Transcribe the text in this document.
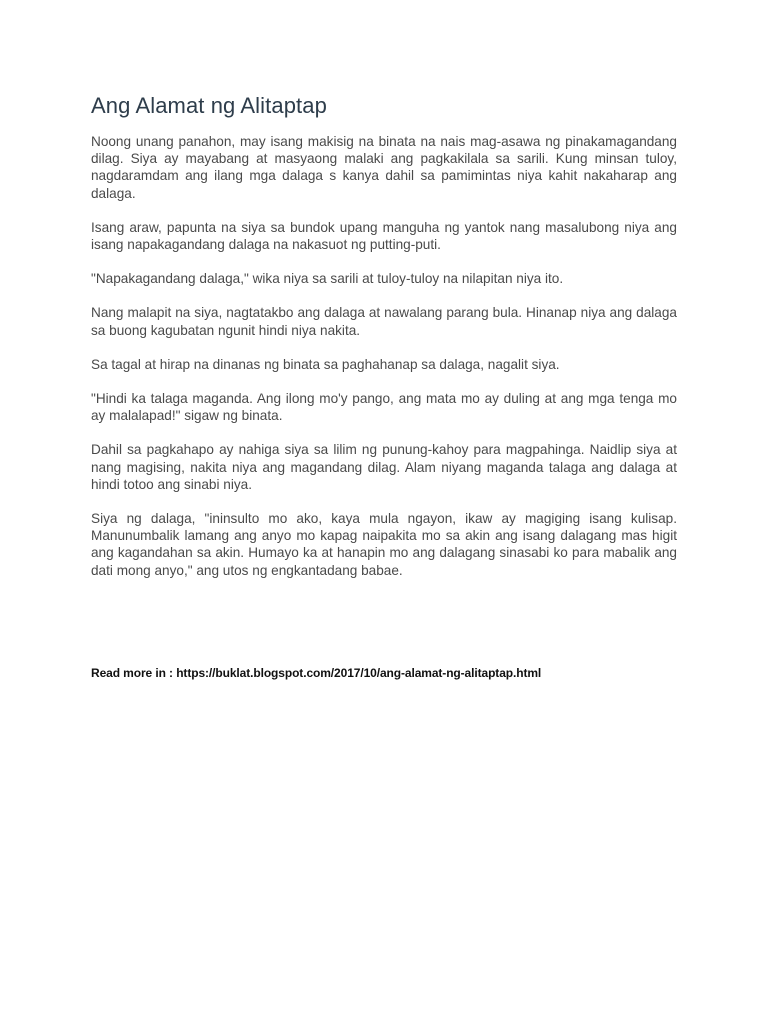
Ang Alamat ng Alitaptap

Noong unang panahon, may isang makisig na binata na nais mag-asawa ng pinakamagandang dilag. Siya ay mayabang at masyaong malaki ang pagkakilala sa sarili. Kung minsan tuloy, nagdaramdam ang ilang mga dalaga s kanya dahil sa pamimintas niya kahit nakaharap ang dalaga.

Isang araw, papunta na siya sa bundok upang manguha ng yantok nang masalubong niya ang isang napakagandang dalaga na nakasuot ng putting-puti.

"Napakagandang dalaga," wika niya sa sarili at tuloy-tuloy na nilapitan niya ito.

Nang malapit na siya, nagtatakbo ang dalaga at nawalang parang bula. Hinanap niya ang dalaga sa buong kagubatan ngunit hindi niya nakita.

Sa tagal at hirap na dinanas ng binata sa paghahanap sa dalaga, nagalit siya.

"Hindi ka talaga maganda. Ang ilong mo'y pango, ang mata mo ay duling at ang mga tenga mo ay malalapad!" sigaw ng binata.

Dahil sa pagkahapo ay nahiga siya sa lilim ng punung-kahoy para magpahinga. Naidlip siya at nang magising, nakita niya ang magandang dilag. Alam niyang maganda talaga ang dalaga at hindi totoo ang sinabi niya.

Siya ng dalaga, "ininsulto mo ako, kaya mula ngayon, ikaw ay magiging isang kulisap. Manunumbalik lamang ang anyo mo kapag naipakita mo sa akin ang isang dalagang mas higit ang kagandahan sa akin. Humayo ka at hanapin mo ang dalagang sinasabi ko para mabalik ang dati mong anyo," ang utos ng engkantadang babae.

Read more in : https://buklat.blogspot.com/2017/10/ang-alamat-ng-alitaptap.html
